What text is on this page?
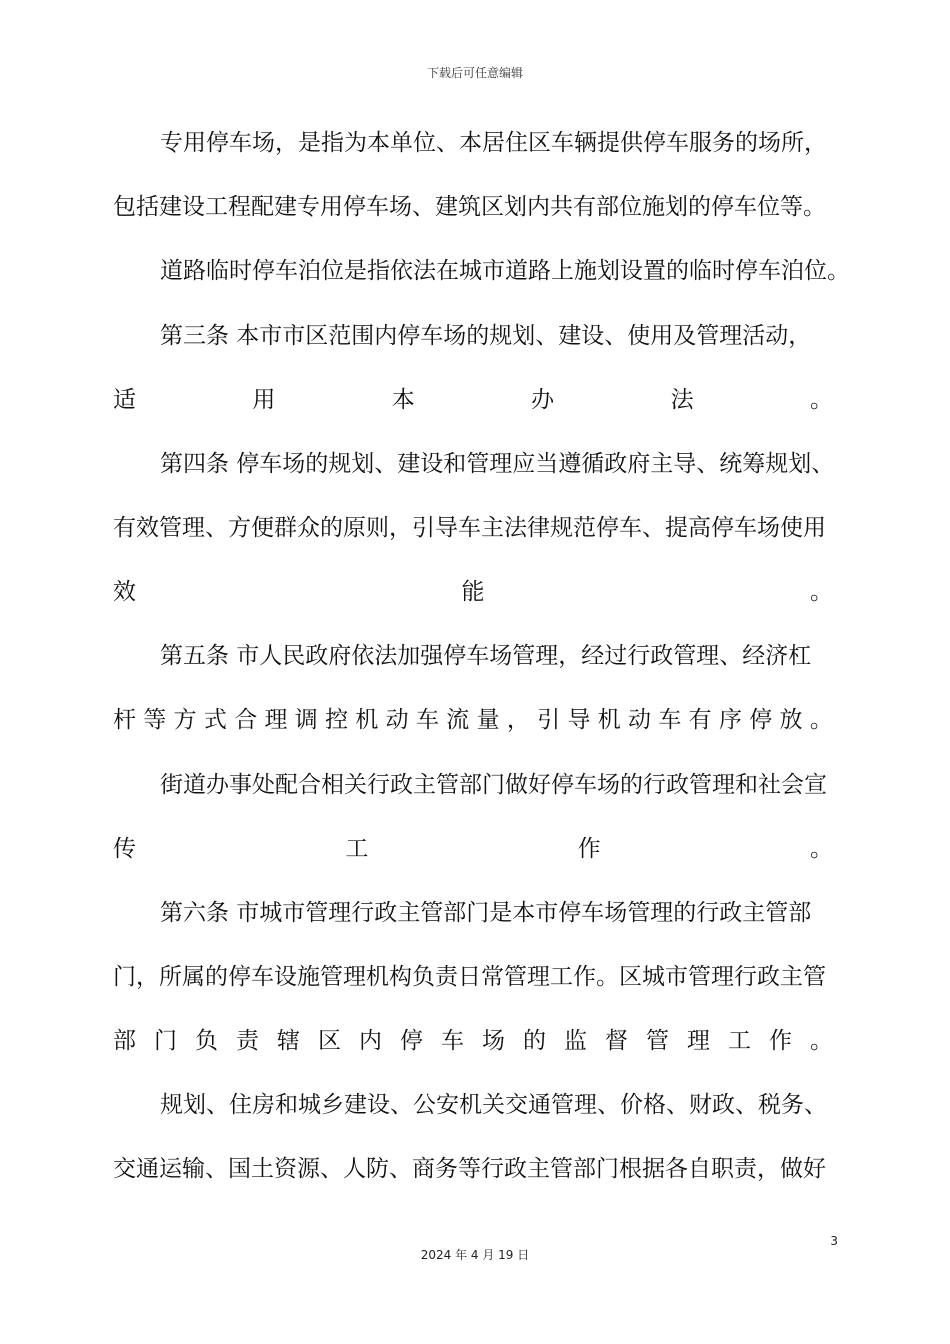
下载后可任意编辑
专用停车场，是指为本单位、本居住区车辆提供停车服务的场所，
包括建设工程配建专用停车场、建筑区划内共有部位施划的停车位等。
道路临时停车泊位是指依法在城市道路上施划设置的临时停车泊位。
第三条 本市市区范围内停车场的规划、建设、使用及管理活动，
适	用	本	办	法	。
第四条 停车场的规划、建设和管理应当遵循政府主导、统筹规划、
有效管理、方便群众的原则，引导车主法律规范停车、提高停车场使用
效	能	。
第五条 市人民政府依法加强停车场管理，经过行政管理、经济杠
杆 等 方 式 合 理 调 控 机 动 车 流 量 ， 引 导 机 动 车 有 序 停 放 。
街道办事处配合相关行政主管部门做好停车场的行政管理和社会宣
传	工	作	。
第六条 市城市管理行政主管部门是本市停车场管理的行政主管部
门，所属的停车设施管理机构负责日常管理工作。区城市管理行政主管
部 门 负 责 辖 区 内 停 车 场 的 监 督 管 理 工 作 。
规划、住房和城乡建设、公安机关交通管理、价格、财政、税务、
交通运输、国土资源、人防、商务等行政主管部门根据各自职责，做好
3
2024 年 4 月 19 日
